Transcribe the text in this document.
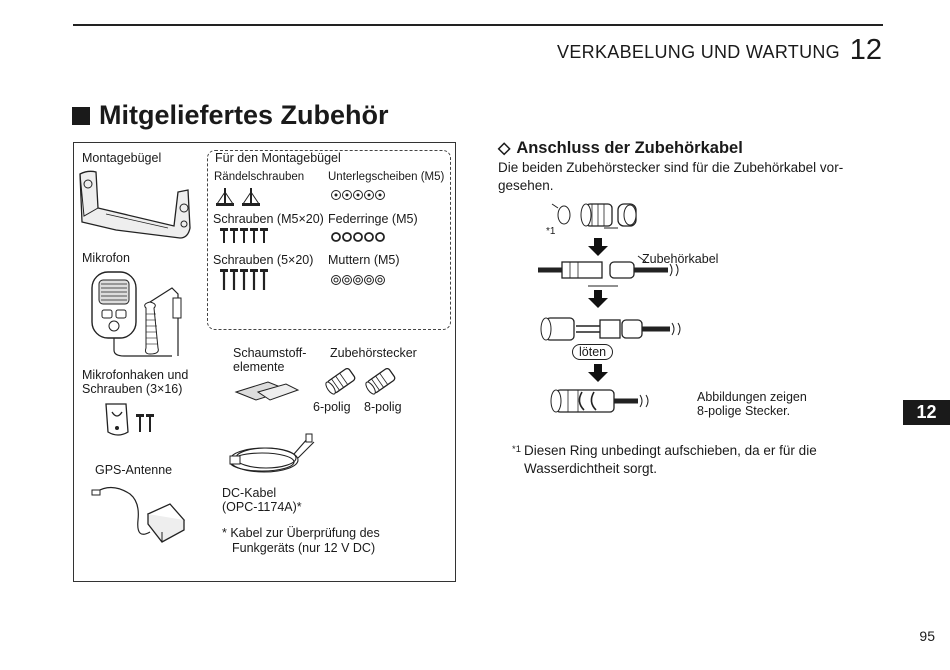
VERKABELUNG UND WARTUNG 12
Mitgeliefertes Zubehör
Montagebügel	Für den Montagebügel
Rändelschrauben Unterlegscheiben (M5)
Schrauben (M5×20) Federringe (M5)
Schrauben (5×20) Muttern (M5)
Mikrofon
Mikrofonhaken und
Schrauben (3×16)
Schaumstoff-
elemente
Zubehörstecker
6-polig 8-polig
GPS-Antenne
DC-Kabel
(OPC-1174A)*
* Kabel zur Überprüfung des
Funkgeräts (nur 12 V DC)
◇ Anschluss der Zubehörkabel
Die beiden Zubehörstecker sind für die Zubehörkabel vor-
gesehen.
*1
Zubehörkabel
löten
Abbildungen zeigen
8-polige Stecker.
*1 Diesen Ring unbedingt aufschieben, da er für die
Wasserdichtheit sorgt.
12
95
